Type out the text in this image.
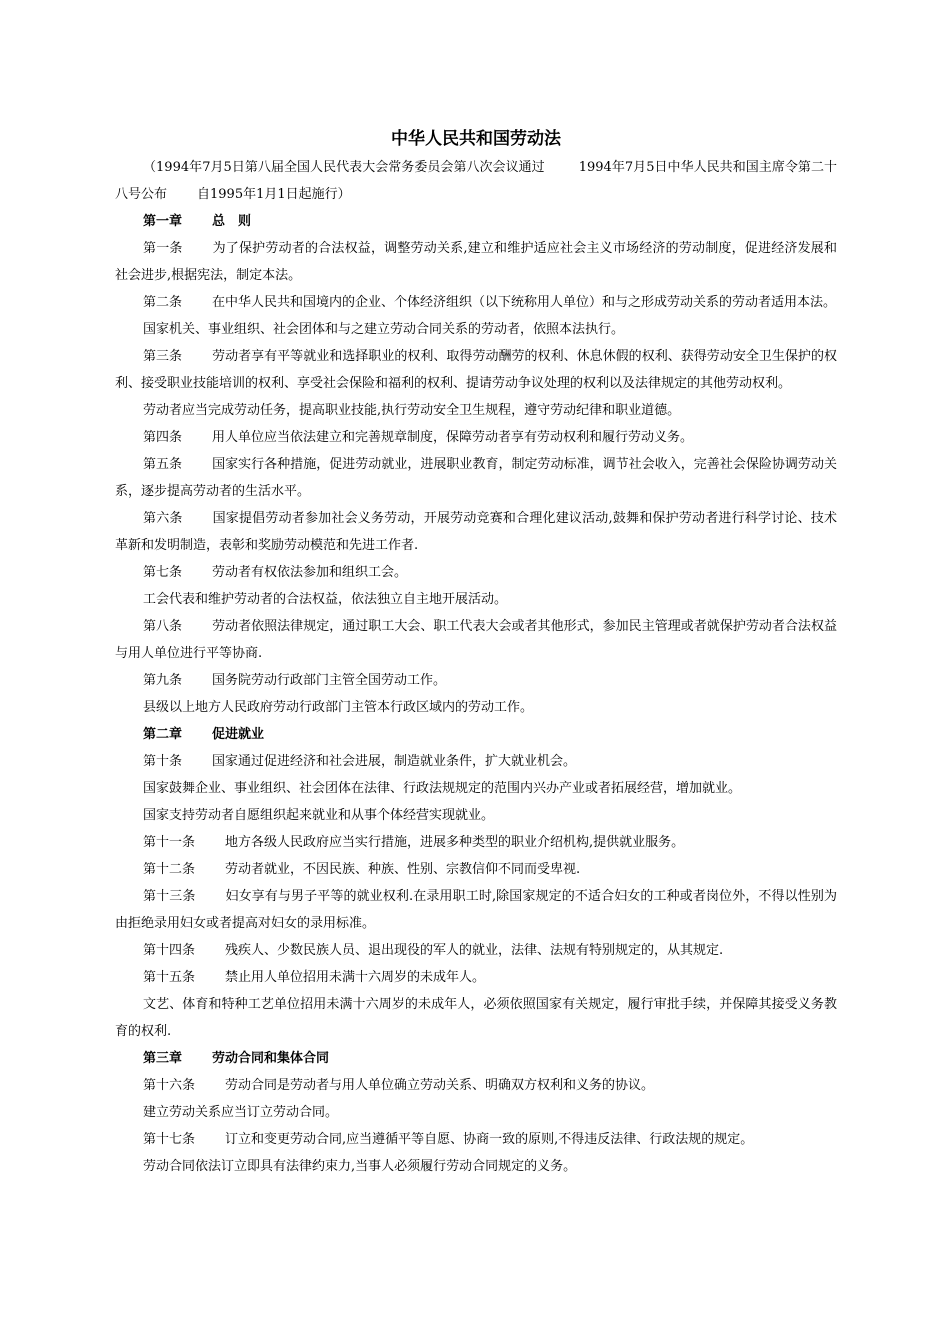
中华人民共和国劳动法

（1994年7月5日第八届全国人民代表大会常务委员会第八次会议通过	1994年7月5日中华人民共和国主席令第二十八号公布 自1995年1月1日起施行）

第一章 总　则

第一条 为了保护劳动者的合法权益，调整劳动关系,建立和维护适应社会主义市场经济的劳动制度，促进经济发展和社会进步,根据宪法，制定本法。

第二条 在中华人民共和国境内的企业、个体经济组织（以下统称用人单位）和与之形成劳动关系的劳动者适用本法。

国家机关、事业组织、社会团体和与之建立劳动合同关系的劳动者，依照本法执行。

第三条 劳动者享有平等就业和选择职业的权利、取得劳动酬劳的权利、休息休假的权利、获得劳动安全卫生保护的权利、接受职业技能培训的权利、享受社会保险和福利的权利、提请劳动争议处理的权利以及法律规定的其他劳动权利。

劳动者应当完成劳动任务，提高职业技能,执行劳动安全卫生规程，遵守劳动纪律和职业道德。

第四条 用人单位应当依法建立和完善规章制度，保障劳动者享有劳动权利和履行劳动义务。

第五条 国家实行各种措施，促进劳动就业，进展职业教育，制定劳动标准，调节社会收入，完善社会保险协调劳动关系，逐步提高劳动者的生活水平。

第六条 国家提倡劳动者参加社会义务劳动，开展劳动竞赛和合理化建议活动,鼓舞和保护劳动者进行科学讨论、技术革新和发明制造，表彰和奖励劳动模范和先进工作者.

第七条 劳动者有权依法参加和组织工会。

工会代表和维护劳动者的合法权益，依法独立自主地开展活动。

第八条 劳动者依照法律规定，通过职工大会、职工代表大会或者其他形式，参加民主管理或者就保护劳动者合法权益与用人单位进行平等协商.

第九条 国务院劳动行政部门主管全国劳动工作。

县级以上地方人民政府劳动行政部门主管本行政区域内的劳动工作。

第二章 促进就业

第十条 国家通过促进经济和社会进展，制造就业条件，扩大就业机会。

国家鼓舞企业、事业组织、社会团体在法律、行政法规规定的范围内兴办产业或者拓展经营，增加就业。

国家支持劳动者自愿组织起来就业和从事个体经营实现就业。

第十一条 地方各级人民政府应当实行措施，进展多种类型的职业介绍机构,提供就业服务。

第十二条 劳动者就业，不因民族、种族、性别、宗教信仰不同而受卑视.

第十三条 妇女享有与男子平等的就业权利.在录用职工时,除国家规定的不适合妇女的工种或者岗位外，不得以性别为由拒绝录用妇女或者提高对妇女的录用标准。

第十四条 残疾人、少数民族人员、退出现役的军人的就业，法律、法规有特别规定的，从其规定.

第十五条 禁止用人单位招用未满十六周岁的未成年人。

文艺、体育和特种工艺单位招用未满十六周岁的未成年人，必须依照国家有关规定，履行审批手续，并保障其接受义务教育的权利.

第三章 劳动合同和集体合同

第十六条 劳动合同是劳动者与用人单位确立劳动关系、明确双方权利和义务的协议。

建立劳动关系应当订立劳动合同。

第十七条 订立和变更劳动合同,应当遵循平等自愿、协商一致的原则,不得违反法律、行政法规的规定。

劳动合同依法订立即具有法律约束力,当事人必须履行劳动合同规定的义务。
